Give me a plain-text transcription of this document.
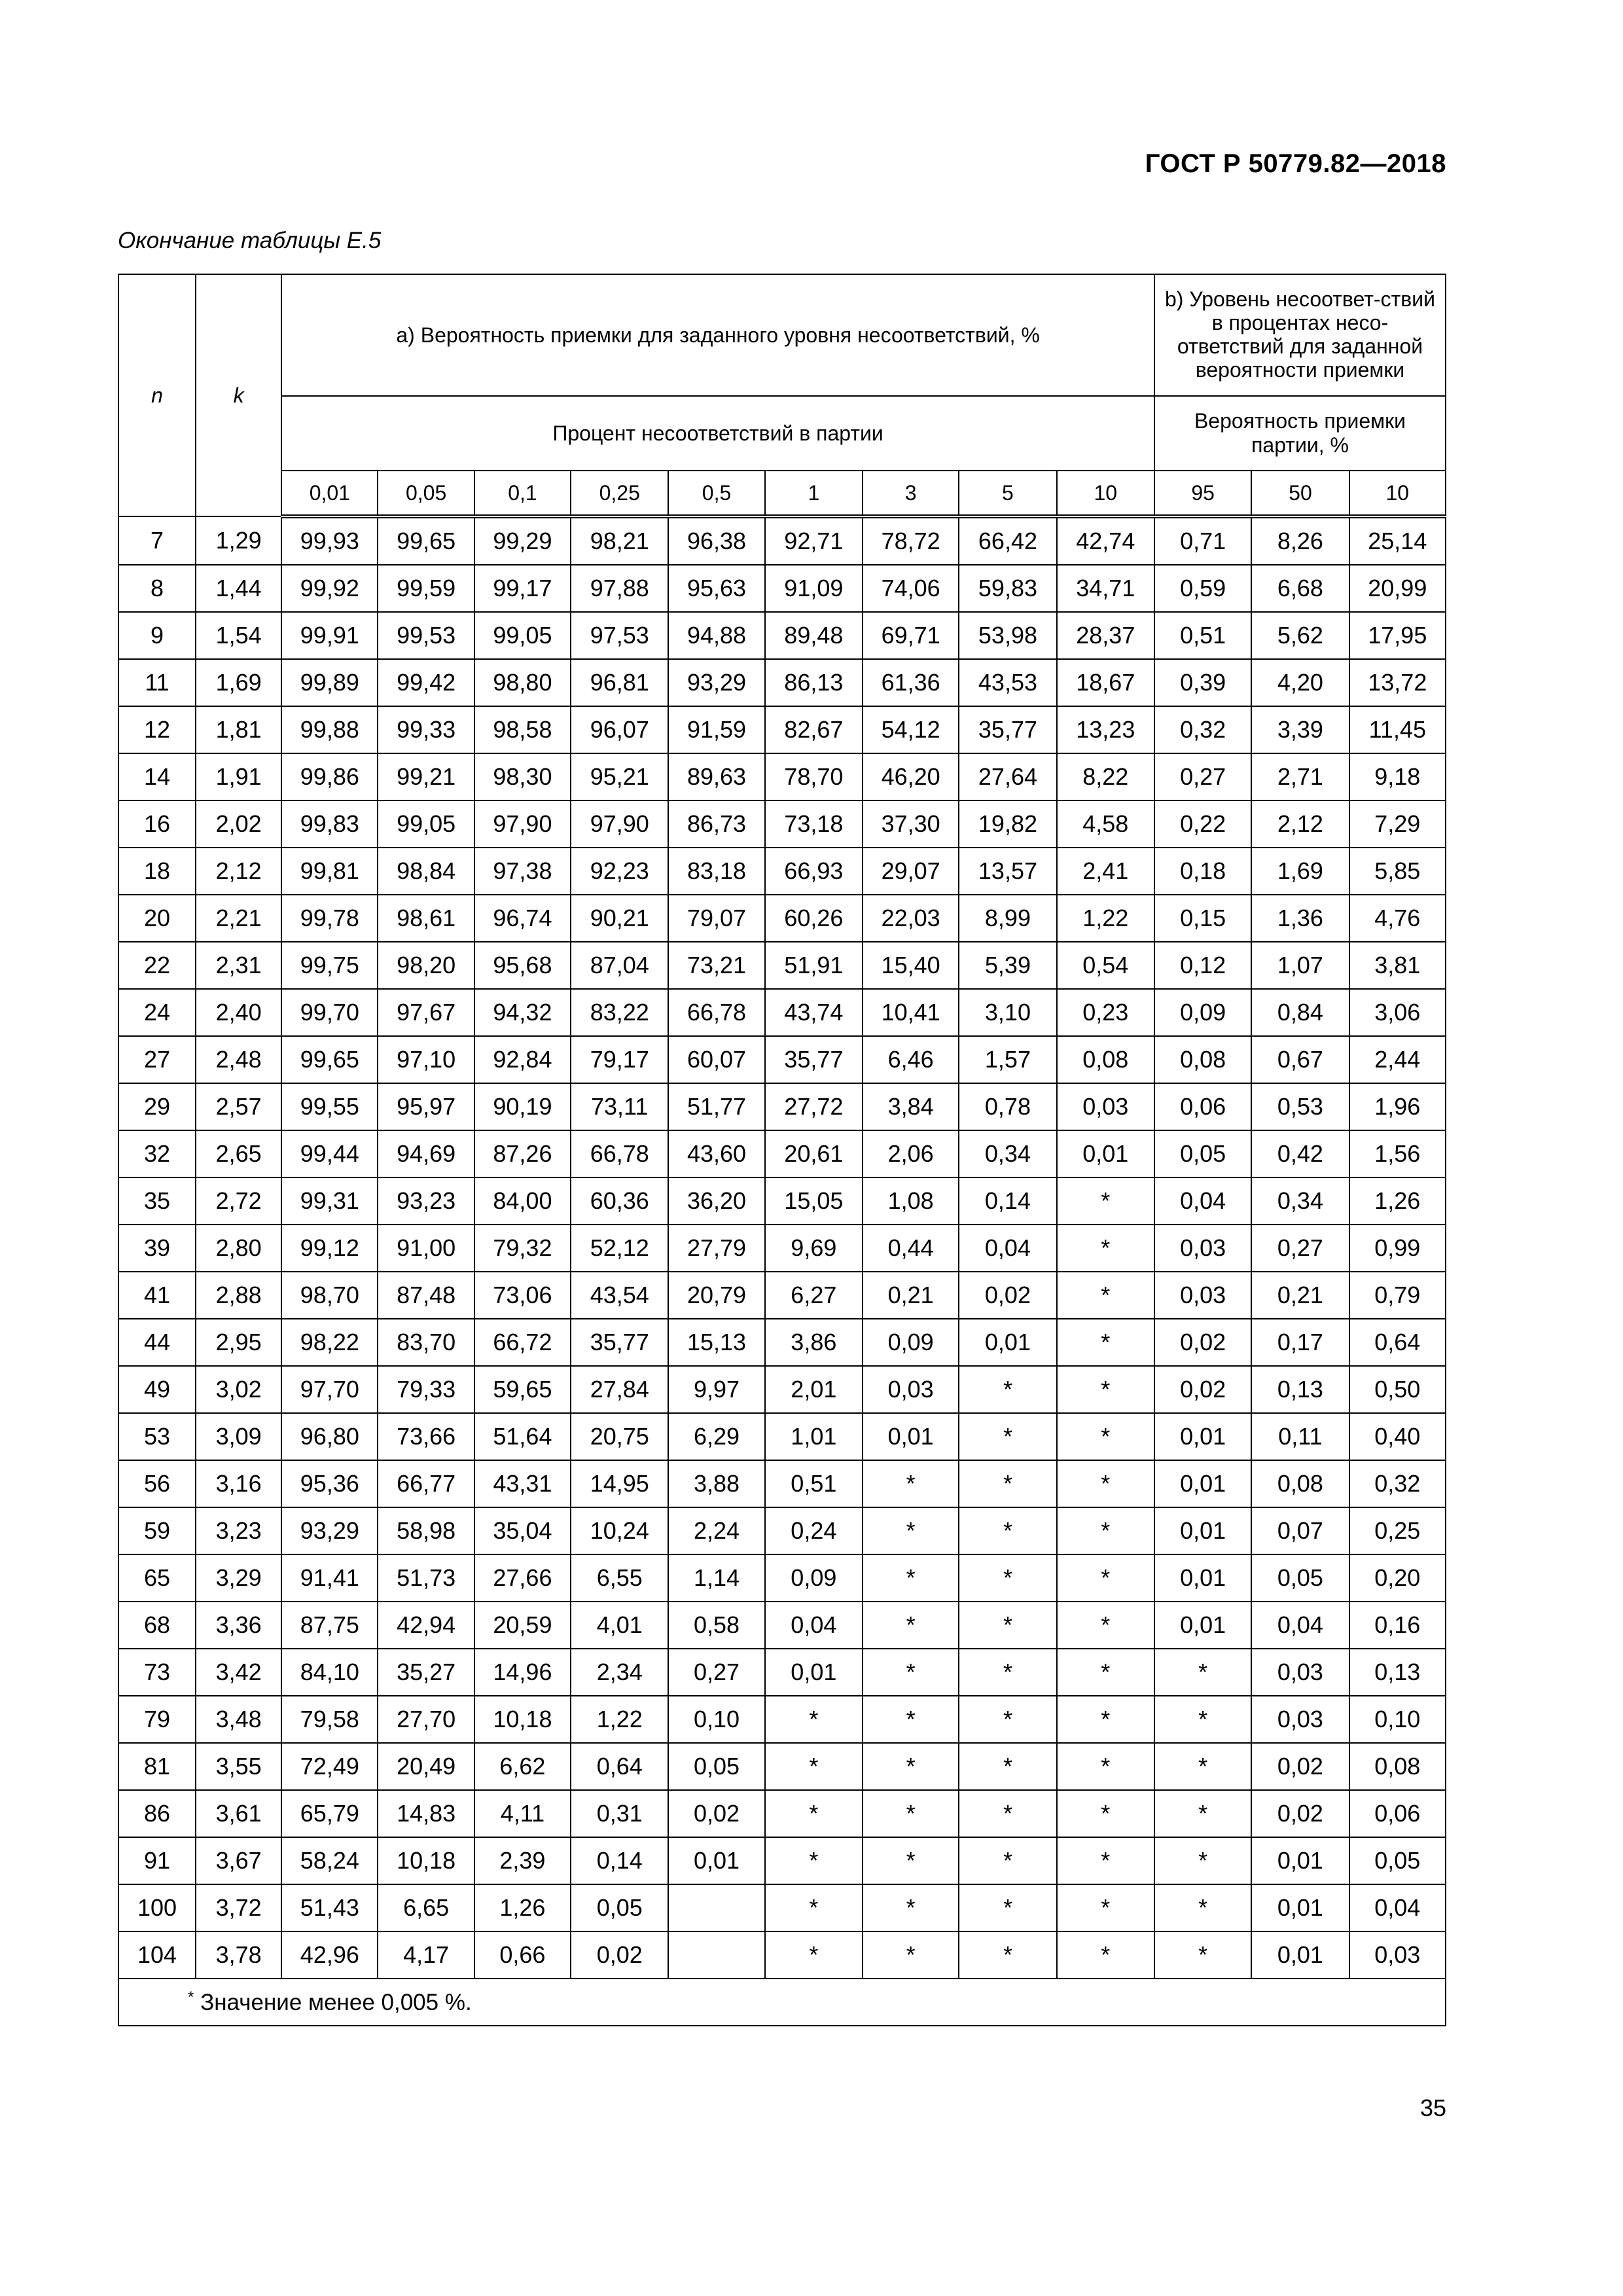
ГОСТ Р 50779.82—2018
Окончание таблицы Е.5
n	k	а) Вероятность приемки для заданного уровня несоответствий, %									b) Уровень несоответ-ствий в процентах несо-ответствий для заданной вероятности приемки		
		Процент несоответствий в партии									Вероятность приемки партии, %		
		0,01	0,05	0,1	0,25	0,5	1	3	5	10	95	50	10
7	1,29	99,93	99,65	99,29	98,21	96,38	92,71	78,72	66,42	42,74	0,71	8,26	25,14
8	1,44	99,92	99,59	99,17	97,88	95,63	91,09	74,06	59,83	34,71	0,59	6,68	20,99
9	1,54	99,91	99,53	99,05	97,53	94,88	89,48	69,71	53,98	28,37	0,51	5,62	17,95
11	1,69	99,89	99,42	98,80	96,81	93,29	86,13	61,36	43,53	18,67	0,39	4,20	13,72
12	1,81	99,88	99,33	98,58	96,07	91,59	82,67	54,12	35,77	13,23	0,32	3,39	11,45
14	1,91	99,86	99,21	98,30	95,21	89,63	78,70	46,20	27,64	8,22	0,27	2,71	9,18
16	2,02	99,83	99,05	97,90	97,90	86,73	73,18	37,30	19,82	4,58	0,22	2,12	7,29
18	2,12	99,81	98,84	97,38	92,23	83,18	66,93	29,07	13,57	2,41	0,18	1,69	5,85
20	2,21	99,78	98,61	96,74	90,21	79,07	60,26	22,03	8,99	1,22	0,15	1,36	4,76
22	2,31	99,75	98,20	95,68	87,04	73,21	51,91	15,40	5,39	0,54	0,12	1,07	3,81
24	2,40	99,70	97,67	94,32	83,22	66,78	43,74	10,41	3,10	0,23	0,09	0,84	3,06
27	2,48	99,65	97,10	92,84	79,17	60,07	35,77	6,46	1,57	0,08	0,08	0,67	2,44
29	2,57	99,55	95,97	90,19	73,11	51,77	27,72	3,84	0,78	0,03	0,06	0,53	1,96
32	2,65	99,44	94,69	87,26	66,78	43,60	20,61	2,06	0,34	0,01	0,05	0,42	1,56
35	2,72	99,31	93,23	84,00	60,36	36,20	15,05	1,08	0,14	*	0,04	0,34	1,26
39	2,80	99,12	91,00	79,32	52,12	27,79	9,69	0,44	0,04	*	0,03	0,27	0,99
41	2,88	98,70	87,48	73,06	43,54	20,79	6,27	0,21	0,02	*	0,03	0,21	0,79
44	2,95	98,22	83,70	66,72	35,77	15,13	3,86	0,09	0,01	*	0,02	0,17	0,64
49	3,02	97,70	79,33	59,65	27,84	9,97	2,01	0,03	*	*	0,02	0,13	0,50
53	3,09	96,80	73,66	51,64	20,75	6,29	1,01	0,01	*	*	0,01	0,11	0,40
56	3,16	95,36	66,77	43,31	14,95	3,88	0,51	*	*	*	0,01	0,08	0,32
59	3,23	93,29	58,98	35,04	10,24	2,24	0,24	*	*	*	0,01	0,07	0,25
65	3,29	91,41	51,73	27,66	6,55	1,14	0,09	*	*	*	0,01	0,05	0,20
68	3,36	87,75	42,94	20,59	4,01	0,58	0,04	*	*	*	0,01	0,04	0,16
73	3,42	84,10	35,27	14,96	2,34	0,27	0,01	*	*	*	*	0,03	0,13
79	3,48	79,58	27,70	10,18	1,22	0,10	*	*	*	*	*	0,03	0,10
81	3,55	72,49	20,49	6,62	0,64	0,05	*	*	*	*	*	0,02	0,08
86	3,61	65,79	14,83	4,11	0,31	0,02	*	*	*	*	*	0,02	0,06
91	3,67	58,24	10,18	2,39	0,14	0,01	*	*	*	*	*	0,01	0,05
100	3,72	51,43	6,65	1,26	0,05		*	*	*	*	*	0,01	0,04
104	3,78	42,96	4,17	0,66	0,02		*	*	*	*	*	0,01	0,03
* Значение менее 0,005 %.													
35
